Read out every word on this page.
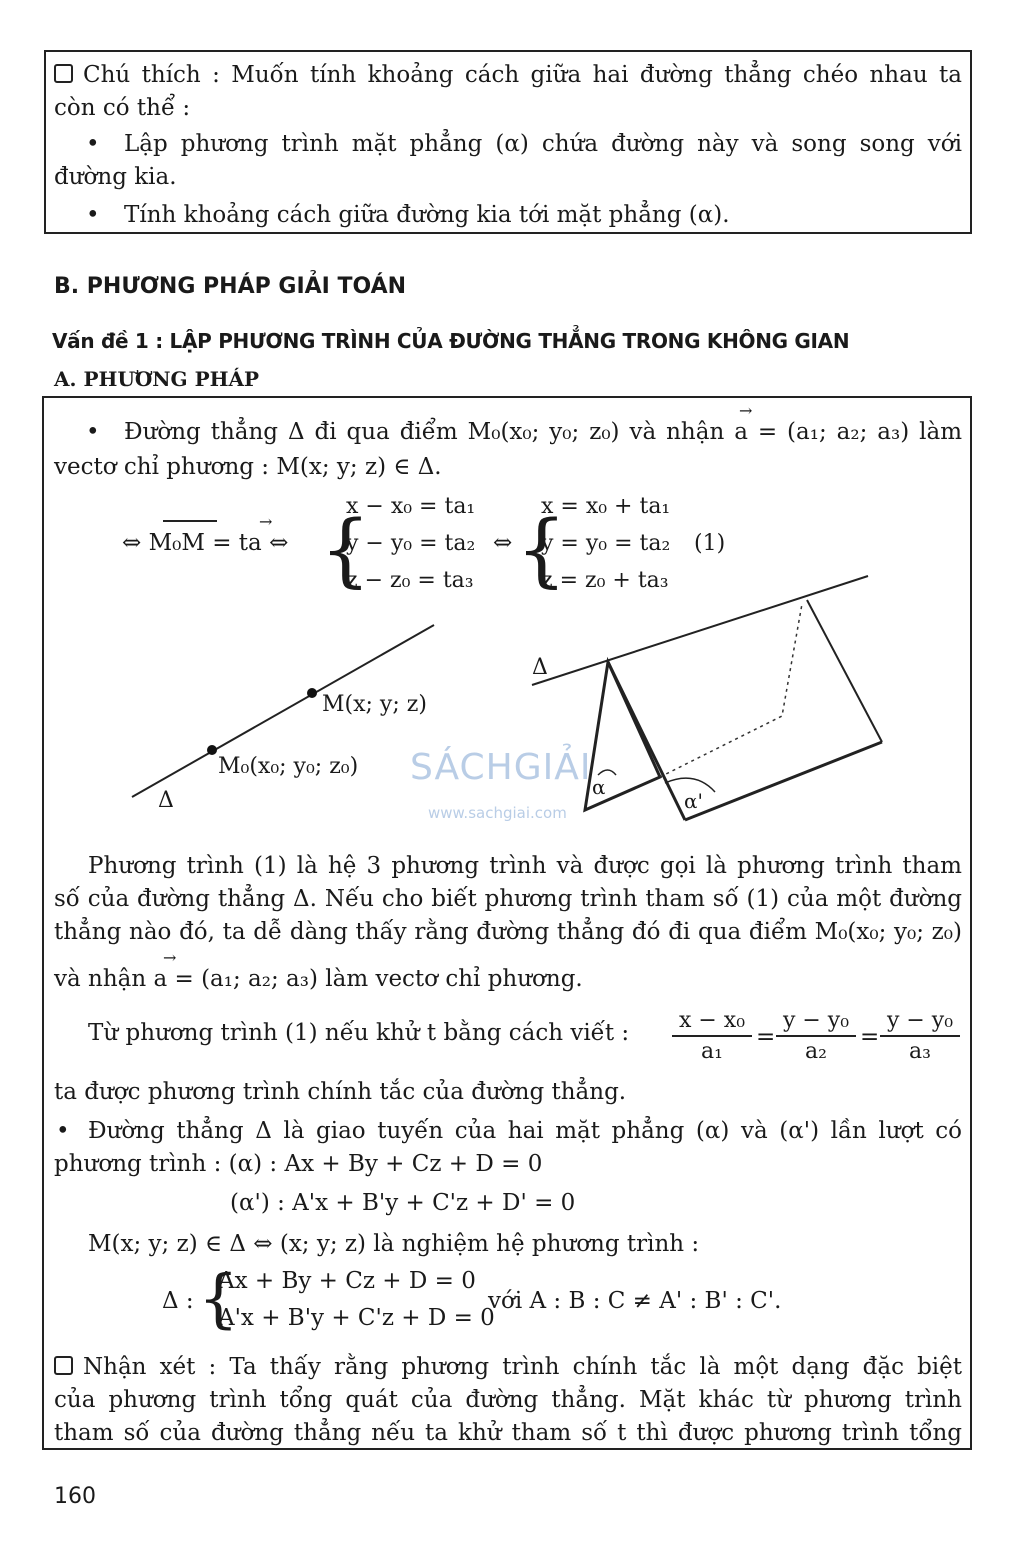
Chú thích : Muốn tính khoảng cách giữa hai đường thẳng chéo nhau ta
còn có thể :
• Lập phương trình mặt phẳng (α) chứa đường này và song song với
đường kia.
• Tính khoảng cách giữa đường kia tới mặt phẳng (α).
B. PHƯƠNG PHÁP GIẢI TOÁN
Vấn đề 1 : LẬP PHƯƠNG TRÌNH CỦA ĐƯỜNG THẲNG TRONG KHÔNG GIAN
A. PHƯƠNG PHÁP
• Đường thẳng Δ đi qua điểm M₀(x₀; y₀; z₀) và nhận a = (a₁; a₂; a₃) làm
→
vectơ chỉ phương : M(x; y; z) ∈ Δ.
⇔ M₀M = ta ⇔
→ {
x − x₀ = ta₁
y − y₀ = ta₂
z − z₀ = ta₃
⇔ {
x = x₀ + ta₁
y = y₀ = ta₂
z = z₀ + ta₃
(1)
M(x; y; z)
M₀(x₀; y₀; z₀)
Δ
Δ
α
α'
SÁCHGIẢI
www.sachgiai.com
Phương trình (1) là hệ 3 phương trình và được gọi là phương trình tham
số của đường thẳng Δ. Nếu cho biết phương trình tham số (1) của một đường
thẳng nào đó, ta dễ dàng thấy rằng đường thẳng đó đi qua điểm M₀(x₀; y₀; z₀)
và nhận a = (a₁; a₂; a₃) làm vectơ chỉ phương.
→
Từ phương trình (1) nếu khử t bằng cách viết : $\frac{\text{x − x₀}}{\text{a₁}} = \frac{\text{y − y₀}}{\text{a₂}} = \frac{\text{y − y₀}}{\text{a₃}}$
ta được phương trình chính tắc của đường thẳng.
• Đường thẳng Δ là giao tuyến của hai mặt phẳng (α) và (α') lần lượt có
phương trình : (α) : Ax + By + Cz + D = 0
(α') : A'x + B'y + C'z + D' = 0
M(x; y; z) ∈ Δ ⇔ (x; y; z) là nghiệm hệ phương trình :
Δ : {
Ax + By + Cz + D = 0
A'x + B'y + C'z + D = 0
với A : B : C ≠ A' : B' : C'.
Nhận xét : Ta thấy rằng phương trình chính tắc là một dạng đặc biệt
của phương trình tổng quát của đường thẳng. Mặt khác từ phương trình
tham số của đường thẳng nếu ta khử tham số t thì được phương trình tổng
160
